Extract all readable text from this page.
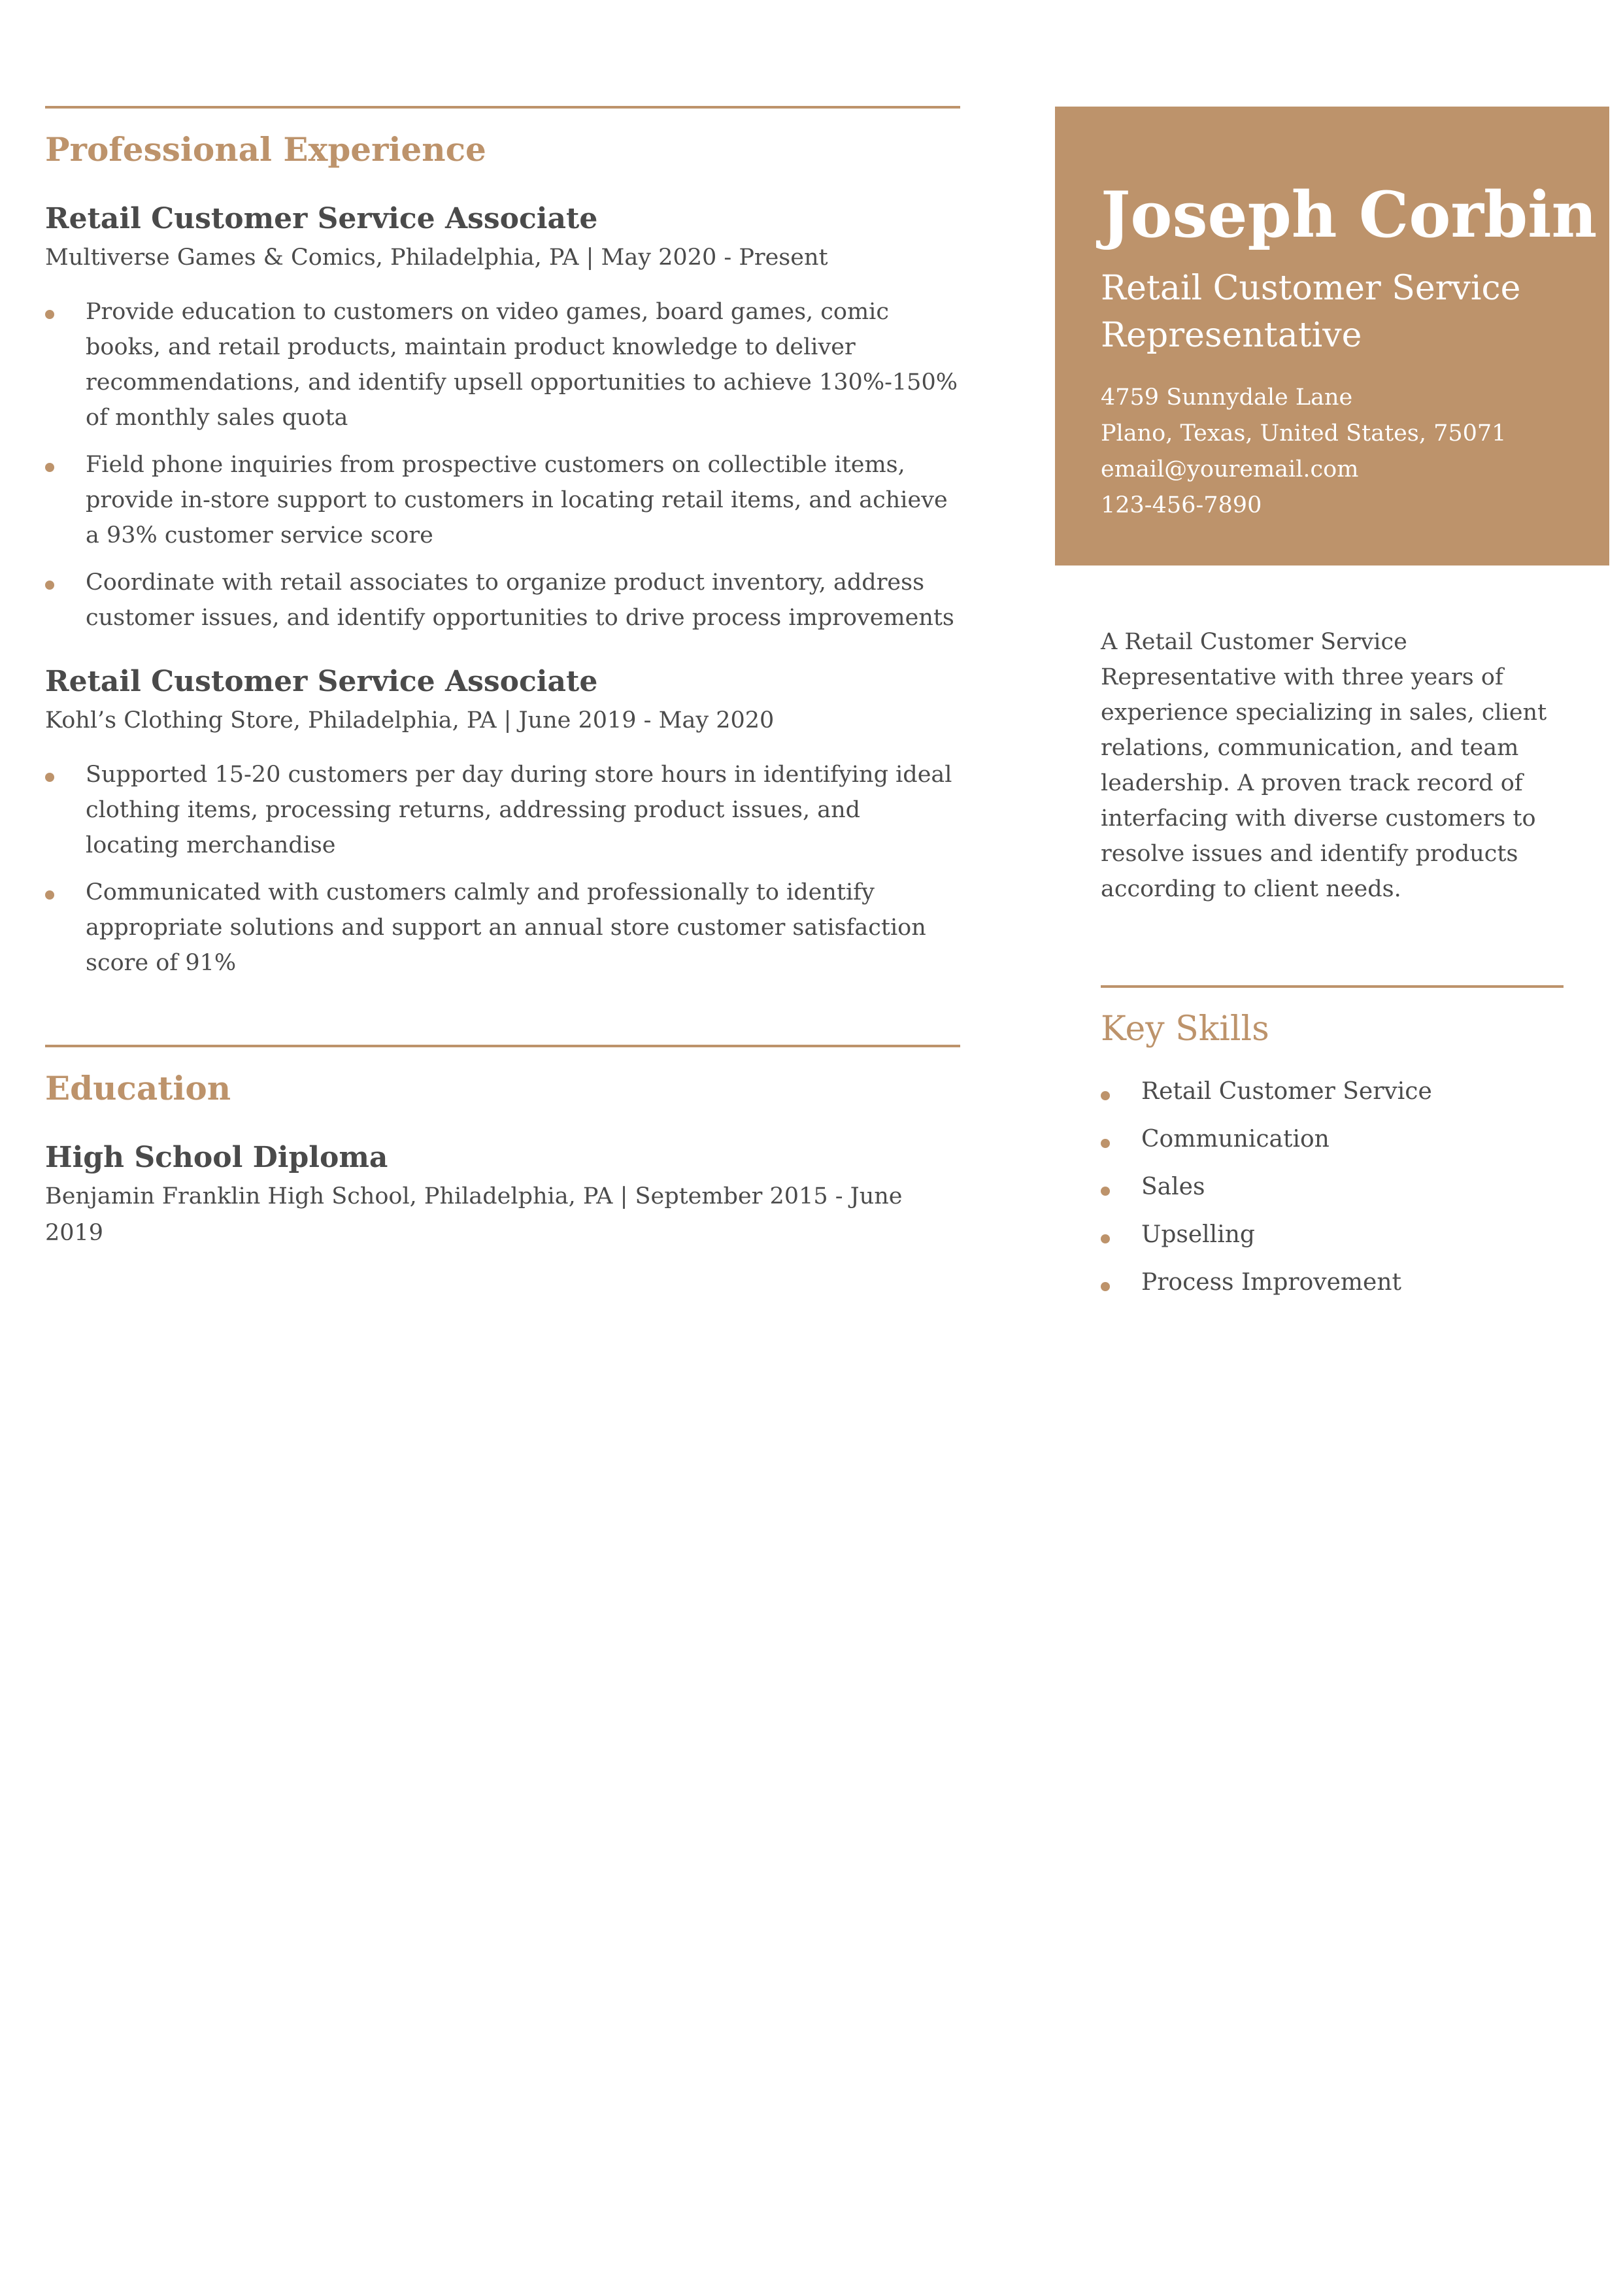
Professional Experience
Retail Customer Service Associate

Multiverse Games & Comics, Philadelphia, PA | May 2020 - Present

Provide education to customers on video games, board games, comic books, and retail products, maintain product knowledge to deliver recommendations, and identify upsell opportunities to achieve 130%-150% of monthly sales quota
Field phone inquiries from prospective customers on collectible items, provide in-store support to customers in locating retail items, and achieve a 93% customer service score
Coordinate with retail associates to organize product inventory, address customer issues, and identify opportunities to drive process improvements
Retail Customer Service Associate

Kohl’s Clothing Store, Philadelphia, PA | June 2019 - May 2020

Supported 15-20 customers per day during store hours in identifying ideal clothing items, processing returns, addressing product issues, and locating merchandise
Communicated with customers calmly and professionally to identify appropriate solutions and support an annual store customer satisfaction score of 91%
Education
High School Diploma

Benjamin Franklin High School, Philadelphia, PA | September 2015 - June 2019

Joseph Corbin

Retail Customer Service Representative

4759 Sunnydale Lane
Plano, Texas, United States, 75071
email@youremail.com
123-456-7890

A Retail Customer Service Representative with three years of experience specializing in sales, client relations, communication, and team leadership. A proven track record of interfacing with diverse customers to resolve issues and identify products according to client needs.

Key Skills
Retail Customer Service
Communication
Sales
Upselling
Process Improvement
